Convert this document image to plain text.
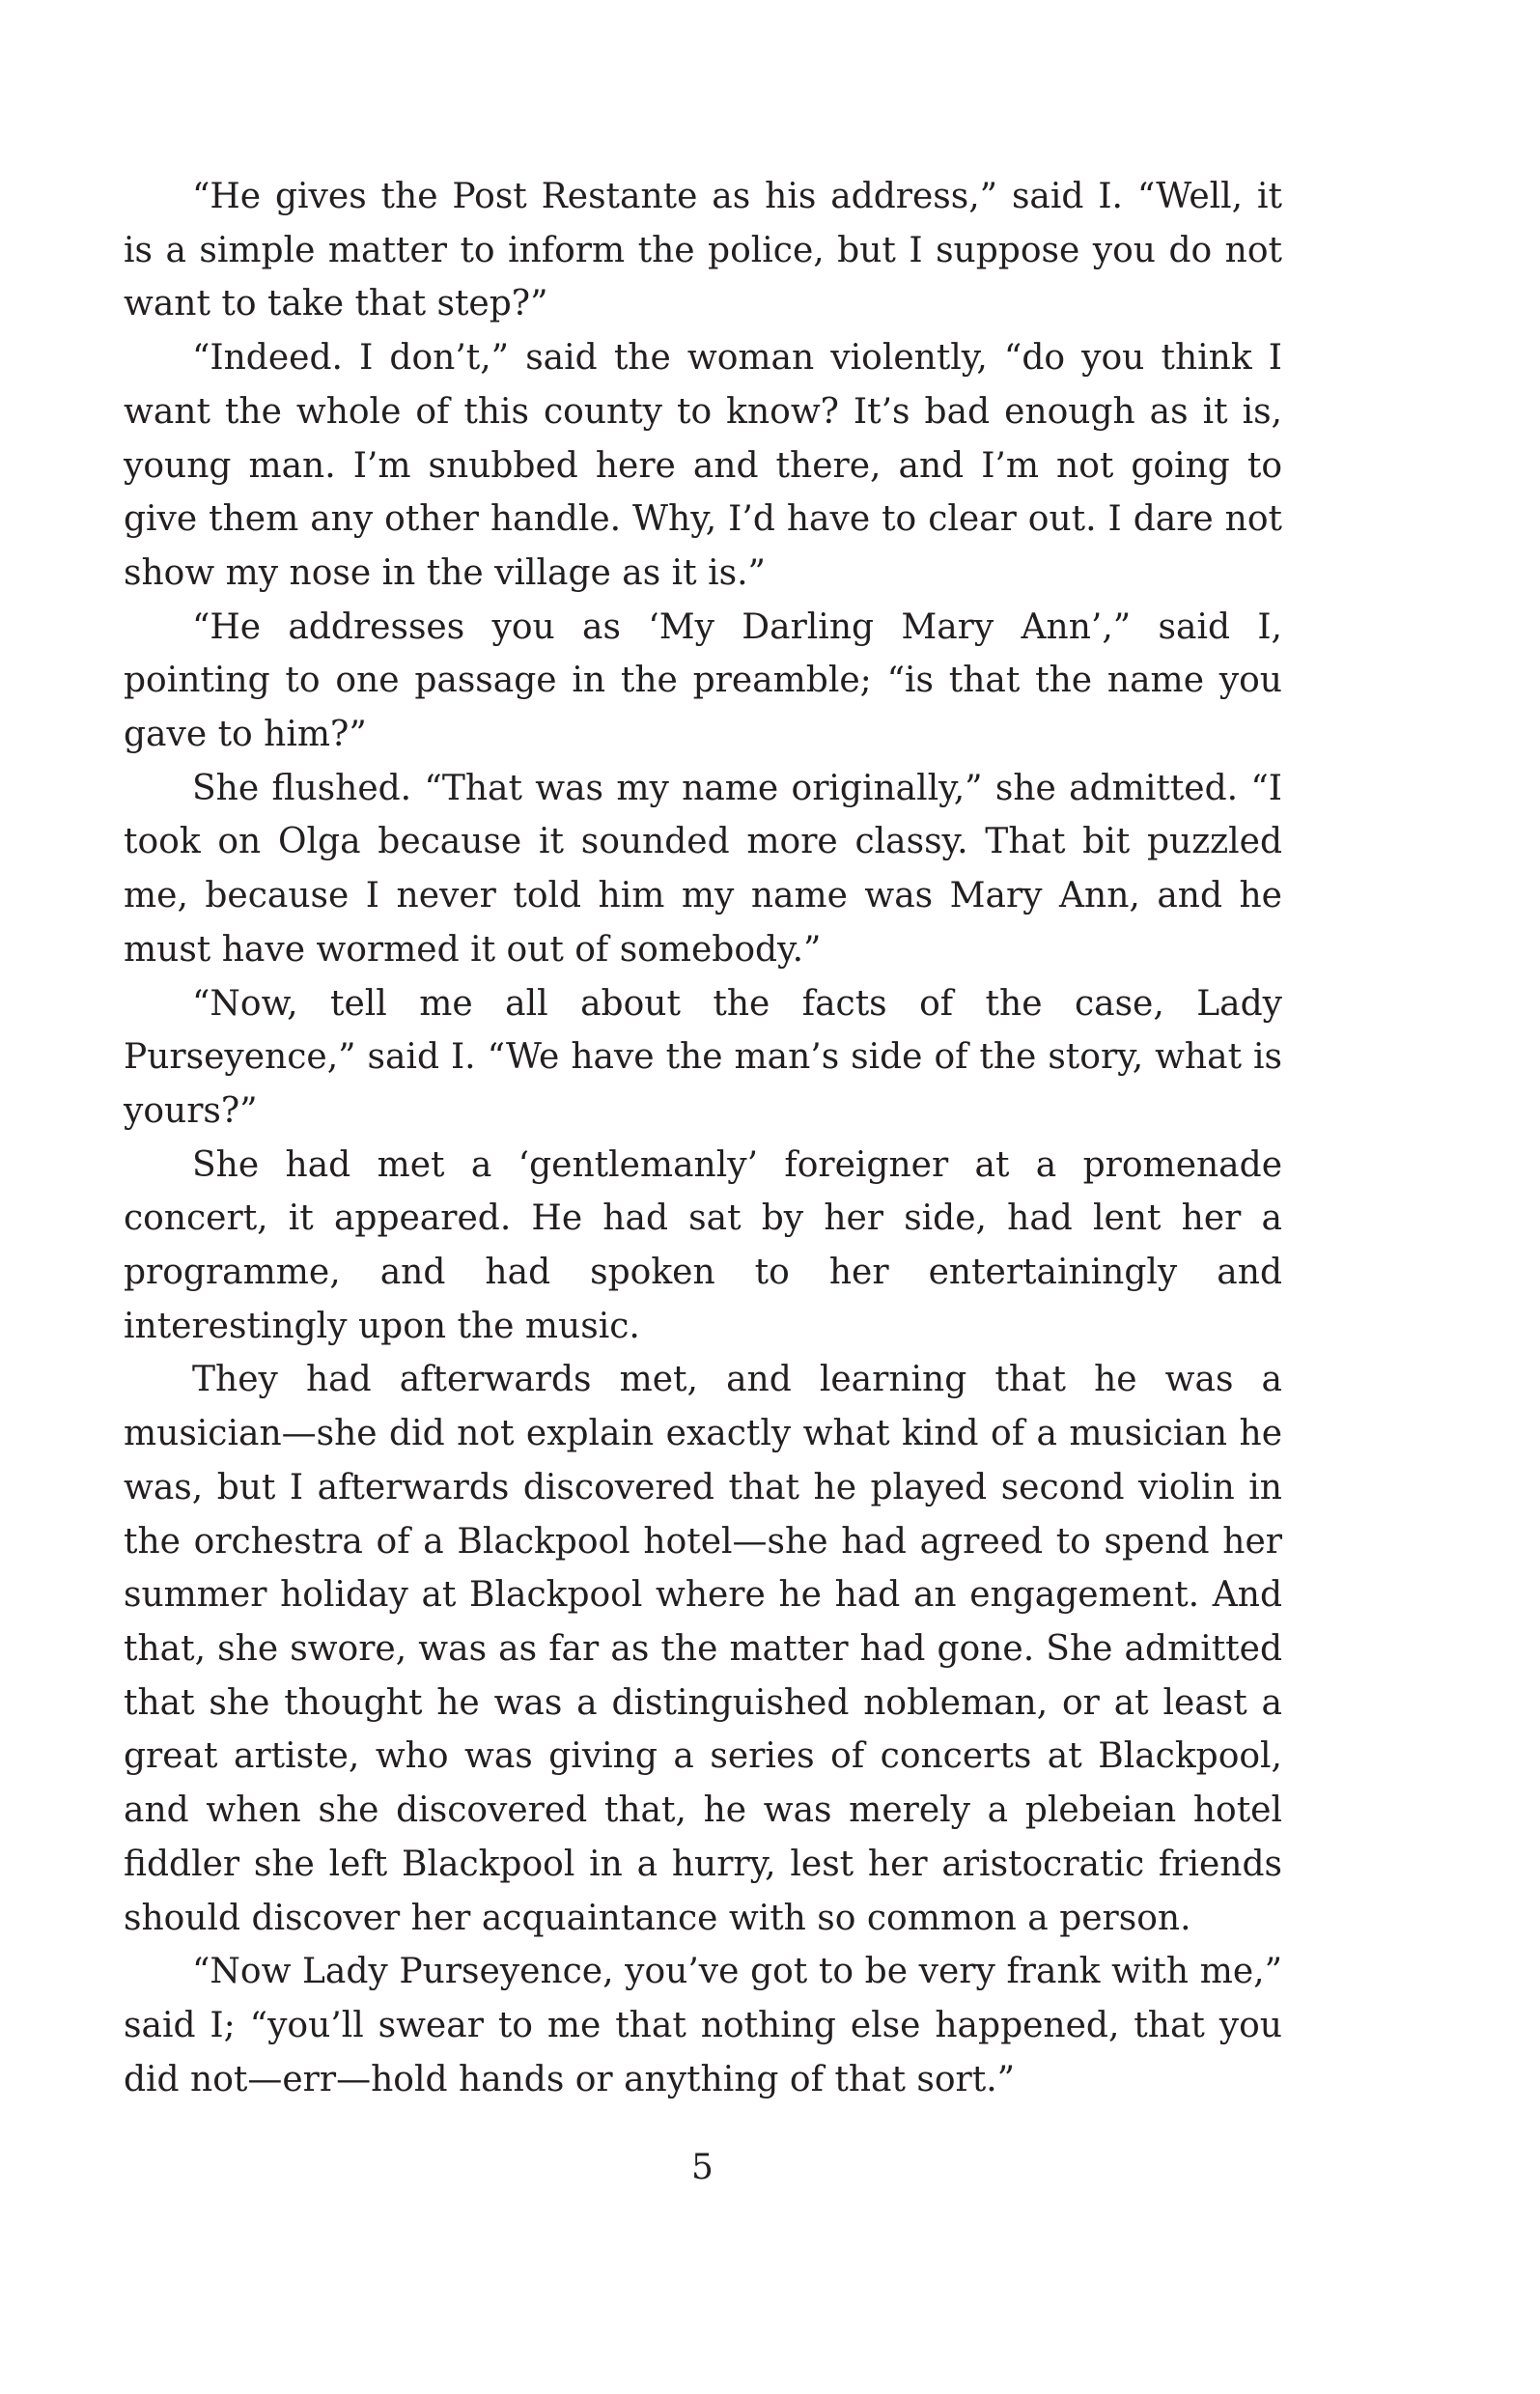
“He gives the Post Restante as his address,” said I. “Well, it is a simple matter to inform the police, but I suppose you do not want to take that step?”

“Indeed. I don’t,” said the woman violently, “do you think I want the whole of this county to know? It’s bad enough as it is, young man. I’m snubbed here and there, and I’m not going to give them any other handle. Why, I’d have to clear out. I dare not show my nose in the village as it is.”

“He addresses you as ‘My Darling Mary Ann’,” said I, pointing to one passage in the preamble; “is that the name you gave to him?”

She flushed. “That was my name originally,” she admitted. “I took on Olga because it sounded more classy. That bit puzzled me, because I never told him my name was Mary Ann, and he must have wormed it out of somebody.”

“Now, tell me all about the facts of the case, Lady Purseyence,” said I. “We have the man’s side of the story, what is yours?”

She had met a ‘gentlemanly’ foreigner at a promenade concert, it appeared. He had sat by her side, had lent her a programme, and had spoken to her entertainingly and interestingly upon the music.

They had afterwards met, and learning that he was a musician—she did not explain exactly what kind of a musician he was, but I afterwards discovered that he played second violin in the orchestra of a Blackpool hotel—she had agreed to spend her summer holiday at Blackpool where he had an engagement. And that, she swore, was as far as the matter had gone. She admitted that she thought he was a distinguished nobleman, or at least a great artiste, who was giving a series of concerts at Blackpool, and when she discovered that, he was merely a plebeian hotel fiddler she left Blackpool in a hurry, lest her aristocratic friends should discover her acquaintance with so common a person.

“Now Lady Purseyence, you’ve got to be very frank with me,” said I; “you’ll swear to me that nothing else happened, that you did not—err—hold hands or anything of that sort.”

5
